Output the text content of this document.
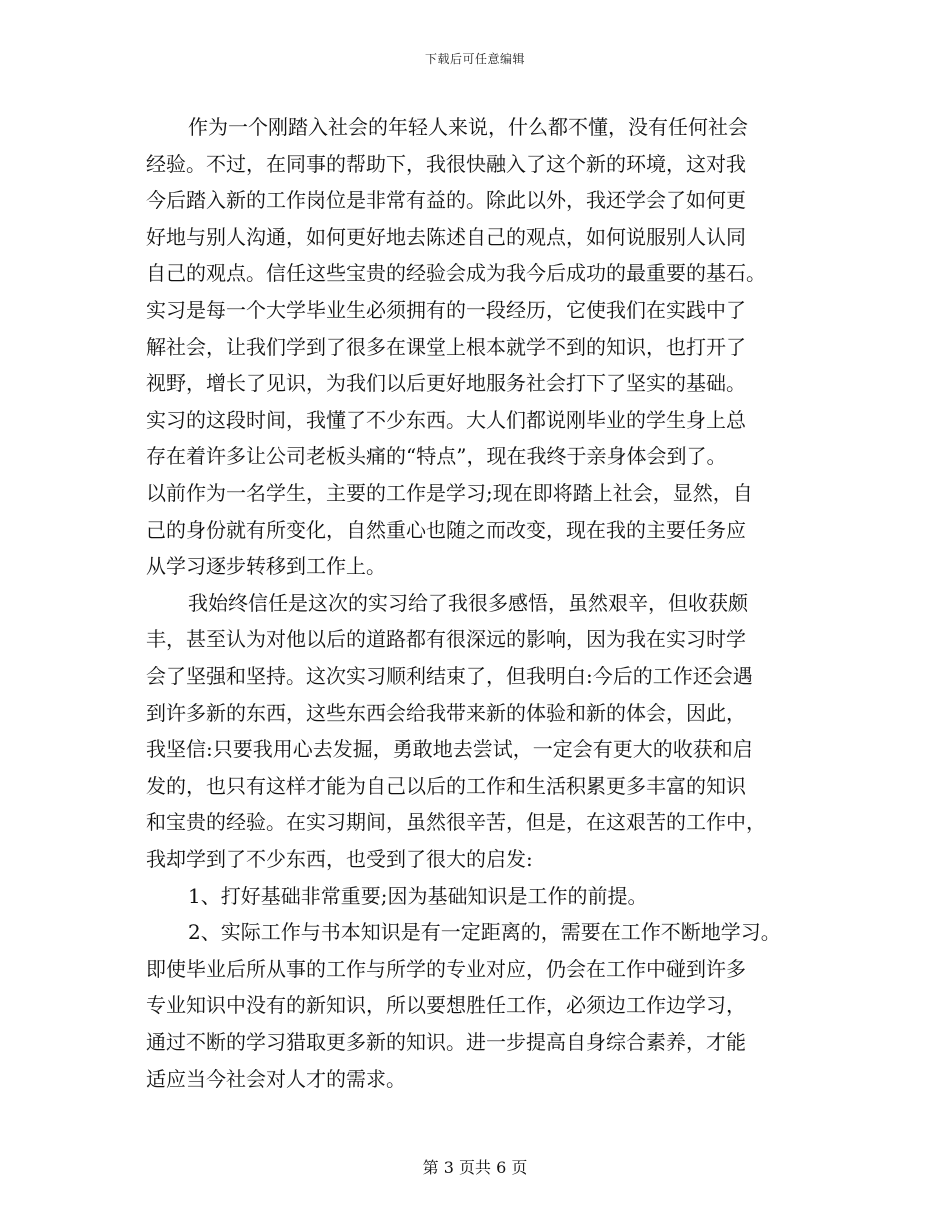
下载后可任意编辑
作为一个刚踏入社会的年轻人来说，什么都不懂，没有任何社会
经验。不过，在同事的帮助下，我很快融入了这个新的环境，这对我
今后踏入新的工作岗位是非常有益的。除此以外，我还学会了如何更
好地与别人沟通，如何更好地去陈述自己的观点，如何说服别人认同
自己的观点。信任这些宝贵的经验会成为我今后成功的最重要的基石。
实习是每一个大学毕业生必须拥有的一段经历，它使我们在实践中了
解社会，让我们学到了很多在课堂上根本就学不到的知识，也打开了
视野，增长了见识，为我们以后更好地服务社会打下了坚实的基础。
实习的这段时间，我懂了不少东西。大人们都说刚毕业的学生身上总
存在着许多让公司老板头痛的“特点”，现在我终于亲身体会到了。
以前作为一名学生，主要的工作是学习;现在即将踏上社会，显然，自
己的身份就有所变化，自然重心也随之而改变，现在我的主要任务应
从学习逐步转移到工作上。
我始终信任是这次的实习给了我很多感悟，虽然艰辛，但收获颇
丰，甚至认为对他以后的道路都有很深远的影响，因为我在实习时学
会了坚强和坚持。这次实习顺利结束了，但我明白:今后的工作还会遇
到许多新的东西，这些东西会给我带来新的体验和新的体会，因此，
我坚信:只要我用心去发掘，勇敢地去尝试，一定会有更大的收获和启
发的，也只有这样才能为自己以后的工作和生活积累更多丰富的知识
和宝贵的经验。在实习期间，虽然很辛苦，但是，在这艰苦的工作中，
我却学到了不少东西，也受到了很大的启发:
1、打好基础非常重要;因为基础知识是工作的前提。
2、实际工作与书本知识是有一定距离的，需要在工作不断地学习。
即使毕业后所从事的工作与所学的专业对应，仍会在工作中碰到许多
专业知识中没有的新知识，所以要想胜任工作，必须边工作边学习，
通过不断的学习猎取更多新的知识。进一步提高自身综合素养，才能
适应当今社会对人才的需求。
第 3 页共 6 页
